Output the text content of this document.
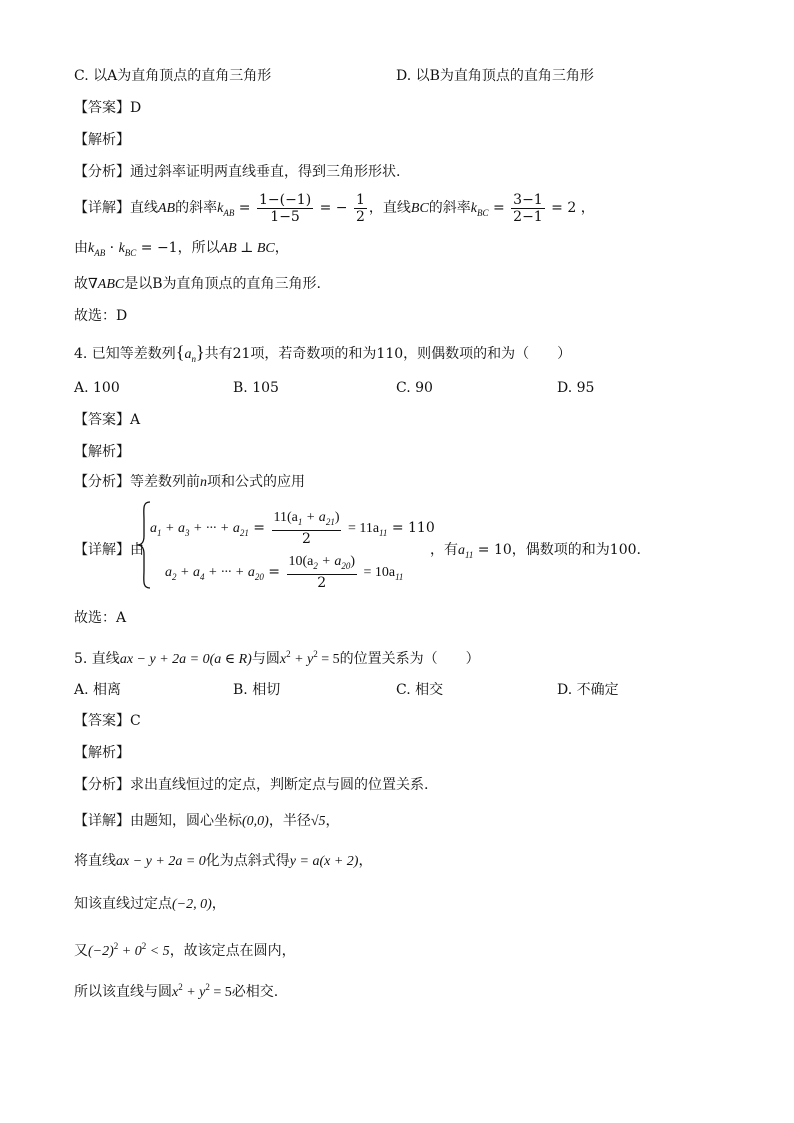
C. 以A为直角顶点的直角三角形	D. 以B为直角顶点的直角三角形
【答案】D
【解析】
【分析】通过斜率证明两直线垂直，得到三角形形状.
【详解】直线AB的斜率$k_{AB} = \frac{1-(-1)}{1-5}$ = − $\frac{1}{2}$ ，直线BC的斜率$k_{BC} = \frac{3-1}{2-1} = 2$ ，
由$k_{AB} \cdot k_{BC} = -1$，所以AB ⊥ BC，
故∇ABC是以B为直角顶点的直角三角形.
故选：D
4. 已知等差数列$\{a_n\}$共有21项，若奇数项的和为110，则偶数项的和为（　　）
A. 100	B. 105	C. 90	D. 95
【答案】A
【解析】
【分析】等差数列前n项和公式的应用
【详解】由
$a_1 + a_3$ + ··· + $a_{21} = \frac{11(a_1 + a_{21})}{2} = 11a_{11} = 110$
$a_2 + a_4$ + ··· + $a_{20} = \frac{10(a_2 + a_{20})}{2} = 10a_{11}$
，有$a_{11} = 10$，偶数项的和为100.
故选：A
5. 直线ax − y + 2a = 0(a ∈ R)与圆$x^2 + y^2 = 5$的位置关系为（　　）
A. 相离	B. 相切	C. 相交	D. 不确定
【答案】C
【解析】
【分析】求出直线恒过的定点，判断定点与圆的位置关系.
【详解】由题知，圆心坐标(0,0)，半径√5，
将直线ax − y + 2a = 0化为点斜式得y = a(x + 2)，
知该直线过定点(−2, 0)，
又$(-2)^2 + 0^2 < 5$，故该定点在圆内，
所以该直线与圆$x^2 + y^2 = 5$必相交.
